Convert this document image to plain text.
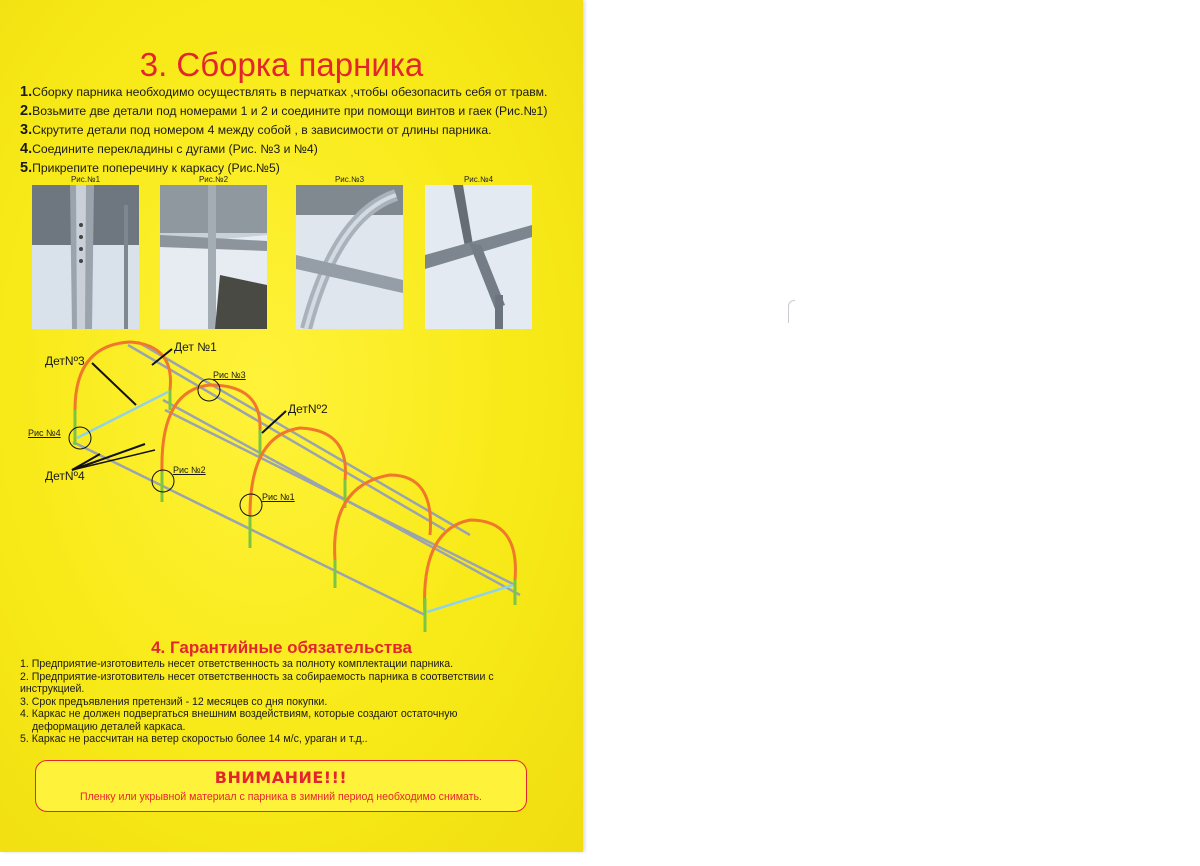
3. Сборка парника
1.Сборку парника необходимо осуществлять в перчатках ,чтобы обезопасить себя от травм.
2.Возьмите две детали под номерами 1 и 2 и соедините при помощи винтов и гаек (Рис.№1)
3.Скрутите детали под номером 4 между собой , в зависимости от длины парника.
4.Соедините перекладины с дугами (Рис. №3 и №4)
5.Прикрепите поперечину к каркасу (Рис.№5)
Рис.№1	Рис.№2	Рис.№3	Рис.№4
Дет №1
ДетNº3
ДетNº2
ДетNº4
Рис №3
Рис №4
Рис №2
Рис №1
4. Гарантийные обязательства
1. Предприятие-изготовитель несет ответственность за полноту комплектации парника.
2. Предприятие-изготовитель несет ответственность за собираемость парника в соответствии с
инструкцией.
3. Срок предъявления претензий - 12 месяцев со дня покупки.
4. Каркас не должен подвергаться внешним воздействиям, которые создают остаточную
деформацию деталей каркаса.
5. Каркас не рассчитан на ветер скоростью более 14 м/с, ураган и т.д..
ВНИМАНИЕ!!!
Пленку или укрывной материал с парника в зимний период необходимо снимать.
